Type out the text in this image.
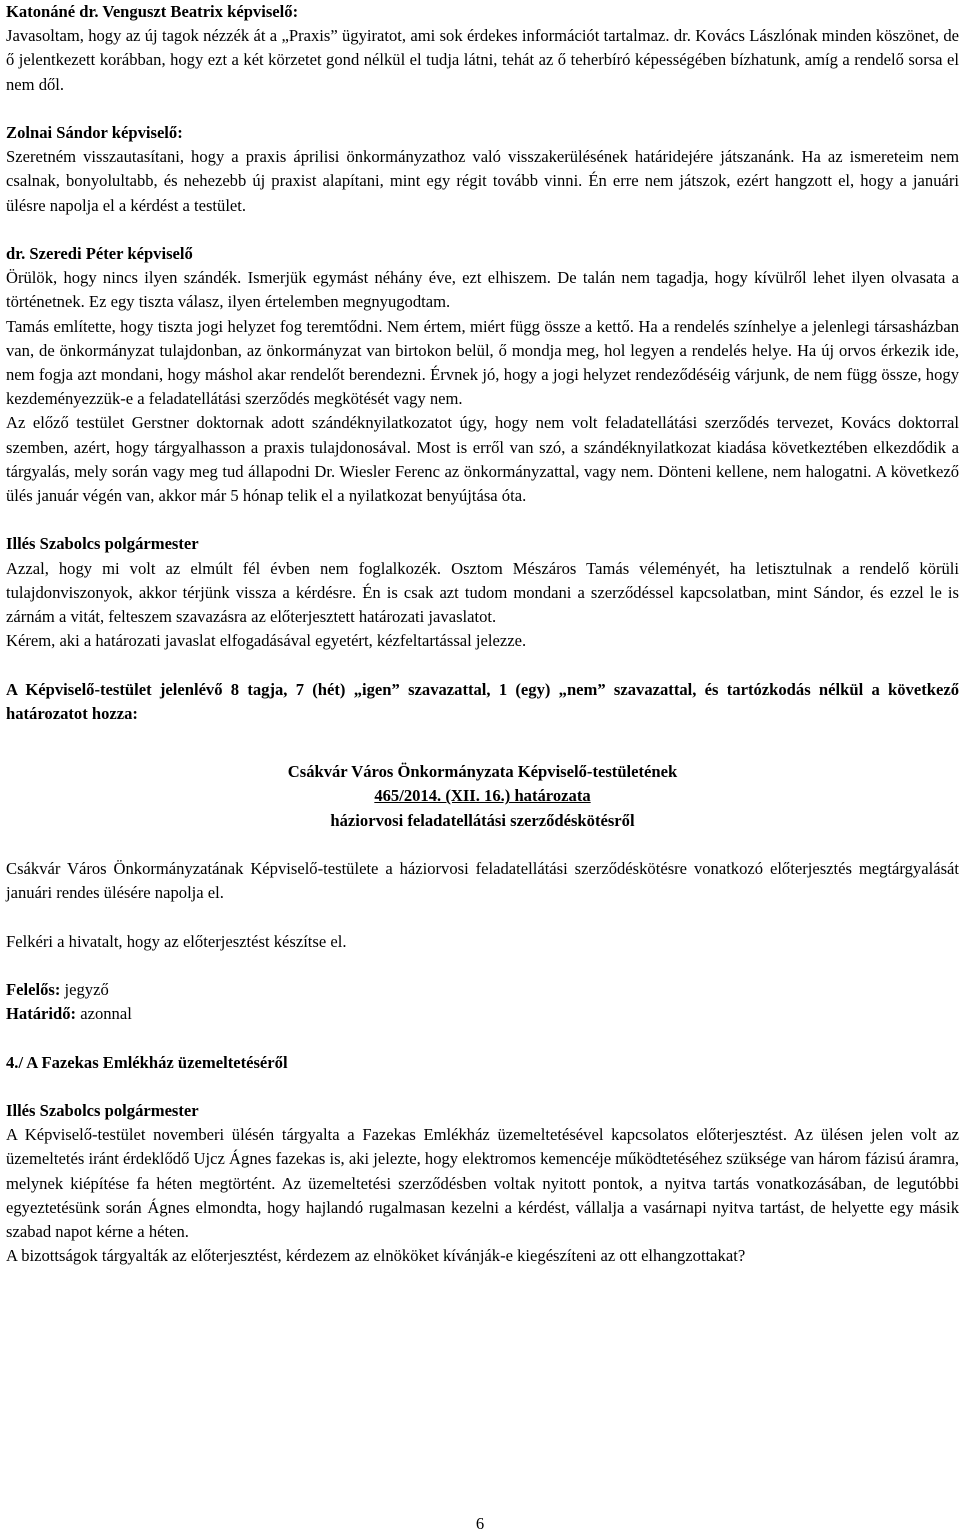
Katonáné dr. Venguszt Beatrix képviselő:

Javasoltam, hogy az új tagok nézzék át a „Praxis” ügyiratot, ami sok érdekes információt tartalmaz. dr. Kovács Lászlónak minden köszönet, de ő jelentkezett korábban, hogy ezt a két körzetet gond nélkül el tudja látni, tehát az ő teherbíró képességében bízhatunk, amíg a rendelő sorsa el nem dől.

Zolnai Sándor képviselő:

Szeretném visszautasítani, hogy a praxis áprilisi önkormányzathoz való visszakerülésének határidejére játszanánk. Ha az ismereteim nem csalnak, bonyolultabb, és nehezebb új praxist alapítani, mint egy régit tovább vinni. Én erre nem játszok, ezért hangzott el, hogy a januári ülésre napolja el a kérdést a testület.

dr. Szeredi Péter képviselő

Örülök, hogy nincs ilyen szándék. Ismerjük egymást néhány éve, ezt elhiszem. De talán nem tagadja, hogy kívülről lehet ilyen olvasata a történetnek. Ez egy tiszta válasz, ilyen értelemben megnyugodtam.

Tamás említette, hogy tiszta jogi helyzet fog teremtődni. Nem értem, miért függ össze a kettő. Ha a rendelés színhelye a jelenlegi társasházban van, de önkormányzat tulajdonban, az önkormányzat van birtokon belül, ő mondja meg, hol legyen a rendelés helye. Ha új orvos érkezik ide, nem fogja azt mondani, hogy máshol akar rendelőt berendezni. Érvnek jó, hogy a jogi helyzet rendeződéséig várjunk, de nem függ össze, hogy kezdeményezzük-e a feladatellátási szerződés megkötését vagy nem.

Az előző testület Gerstner doktornak adott szándéknyilatkozatot úgy, hogy nem volt feladatellátási szerződés tervezet, Kovács doktorral szemben, azért, hogy tárgyalhasson a praxis tulajdonosával. Most is erről van szó, a szándéknyilatkozat kiadása következtében elkezdődik a tárgyalás, mely során vagy meg tud állapodni Dr. Wiesler Ferenc az önkormányzattal, vagy nem. Dönteni kellene, nem halogatni. A következő ülés január végén van, akkor már 5 hónap telik el a nyilatkozat benyújtása óta.

Illés Szabolcs polgármester

Azzal, hogy mi volt az elmúlt fél évben nem foglalkozék. Osztom Mészáros Tamás véleményét, ha letisztulnak a rendelő körüli tulajdonviszonyok, akkor térjünk vissza a kérdésre. Én is csak azt tudom mondani a szerződéssel kapcsolatban, mint Sándor, és ezzel le is zárnám a vitát, felteszem szavazásra az előterjesztett határozati javaslatot.

Kérem, aki a határozati javaslat elfogadásával egyetért, kézfeltartással jelezze.

A Képviselő-testület jelenlévő 8 tagja, 7 (hét) „igen” szavazattal, 1 (egy) „nem” szavazattal, és tartózkodás nélkül a következő határozatot hozza:

Csákvár Város Önkormányzata Képviselő-testületének

465/2014. (XII. 16.) határozata

háziorvosi feladatellátási szerződéskötésről

Csákvár Város Önkormányzatának Képviselő-testülete a háziorvosi feladatellátási szerződéskötésre vonatkozó előterjesztés megtárgyalását januári rendes ülésére napolja el.

Felkéri a hivatalt, hogy az előterjesztést készítse el.

Felelős: jegyző

Határidő: azonnal

4./ A Fazekas Emlékház üzemeltetéséről

Illés Szabolcs polgármester

A Képviselő-testület novemberi ülésén tárgyalta a Fazekas Emlékház üzemeltetésével kapcsolatos előterjesztést. Az ülésen jelen volt az üzemeltetés iránt érdeklődő Ujcz Ágnes fazekas is, aki jelezte, hogy elektromos kemencéje működtetéséhez szüksége van három fázisú áramra, melynek kiépítése fa héten megtörtént. Az üzemeltetési szerződésben voltak nyitott pontok, a nyitva tartás vonatkozásában, de legutóbbi egyeztetésünk során Ágnes elmondta, hogy hajlandó rugalmasan kezelni a kérdést, vállalja a vasárnapi nyitva tartást, de helyette egy másik szabad napot kérne a héten.

A bizottságok tárgyalták az előterjesztést, kérdezem az elnököket kívánják-e kiegészíteni az ott elhangzottakat?

6
